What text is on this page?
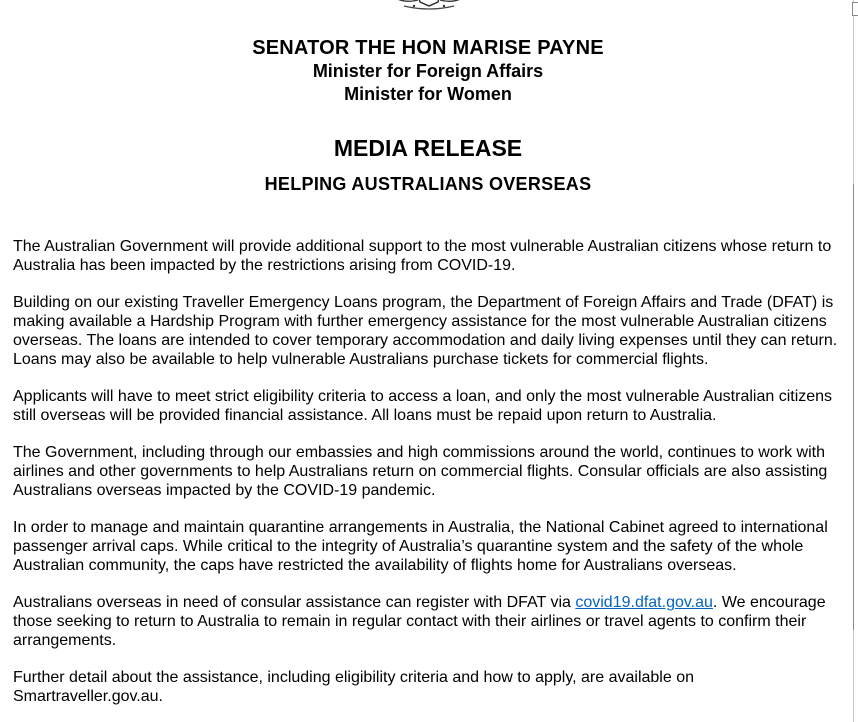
SENATOR THE HON MARISE PAYNE
Minister for Foreign Affairs
Minister for Women
MEDIA RELEASE
HELPING AUSTRALIANS OVERSEAS

The Australian Government will provide additional support to the most vulnerable Australian citizens whose return to Australia has been impacted by the restrictions arising from COVID-19.

Building on our existing Traveller Emergency Loans program, the Department of Foreign Affairs and Trade (DFAT) is making available a Hardship Program with further emergency assistance for the most vulnerable Australian citizens overseas. The loans are intended to cover temporary accommodation and daily living expenses until they can return. Loans may also be available to help vulnerable Australians purchase tickets for commercial flights.

Applicants will have to meet strict eligibility criteria to access a loan, and only the most vulnerable Australian citizens still overseas will be provided financial assistance. All loans must be repaid upon return to Australia.

The Government, including through our embassies and high commissions around the world, continues to work with airlines and other governments to help Australians return on commercial flights. Consular officials are also assisting Australians overseas impacted by the COVID-19 pandemic.

In order to manage and maintain quarantine arrangements in Australia, the National Cabinet agreed to international passenger arrival caps. While critical to the integrity of Australia’s quarantine system and the safety of the whole Australian community, the caps have restricted the availability of flights home for Australians overseas.

Australians overseas in need of consular assistance can register with DFAT via covid19.dfat.gov.au. We encourage those seeking to return to Australia to remain in regular contact with their airlines or travel agents to confirm their arrangements.

Further detail about the assistance, including eligibility criteria and how to apply, are available on Smartraveller.gov.au.
